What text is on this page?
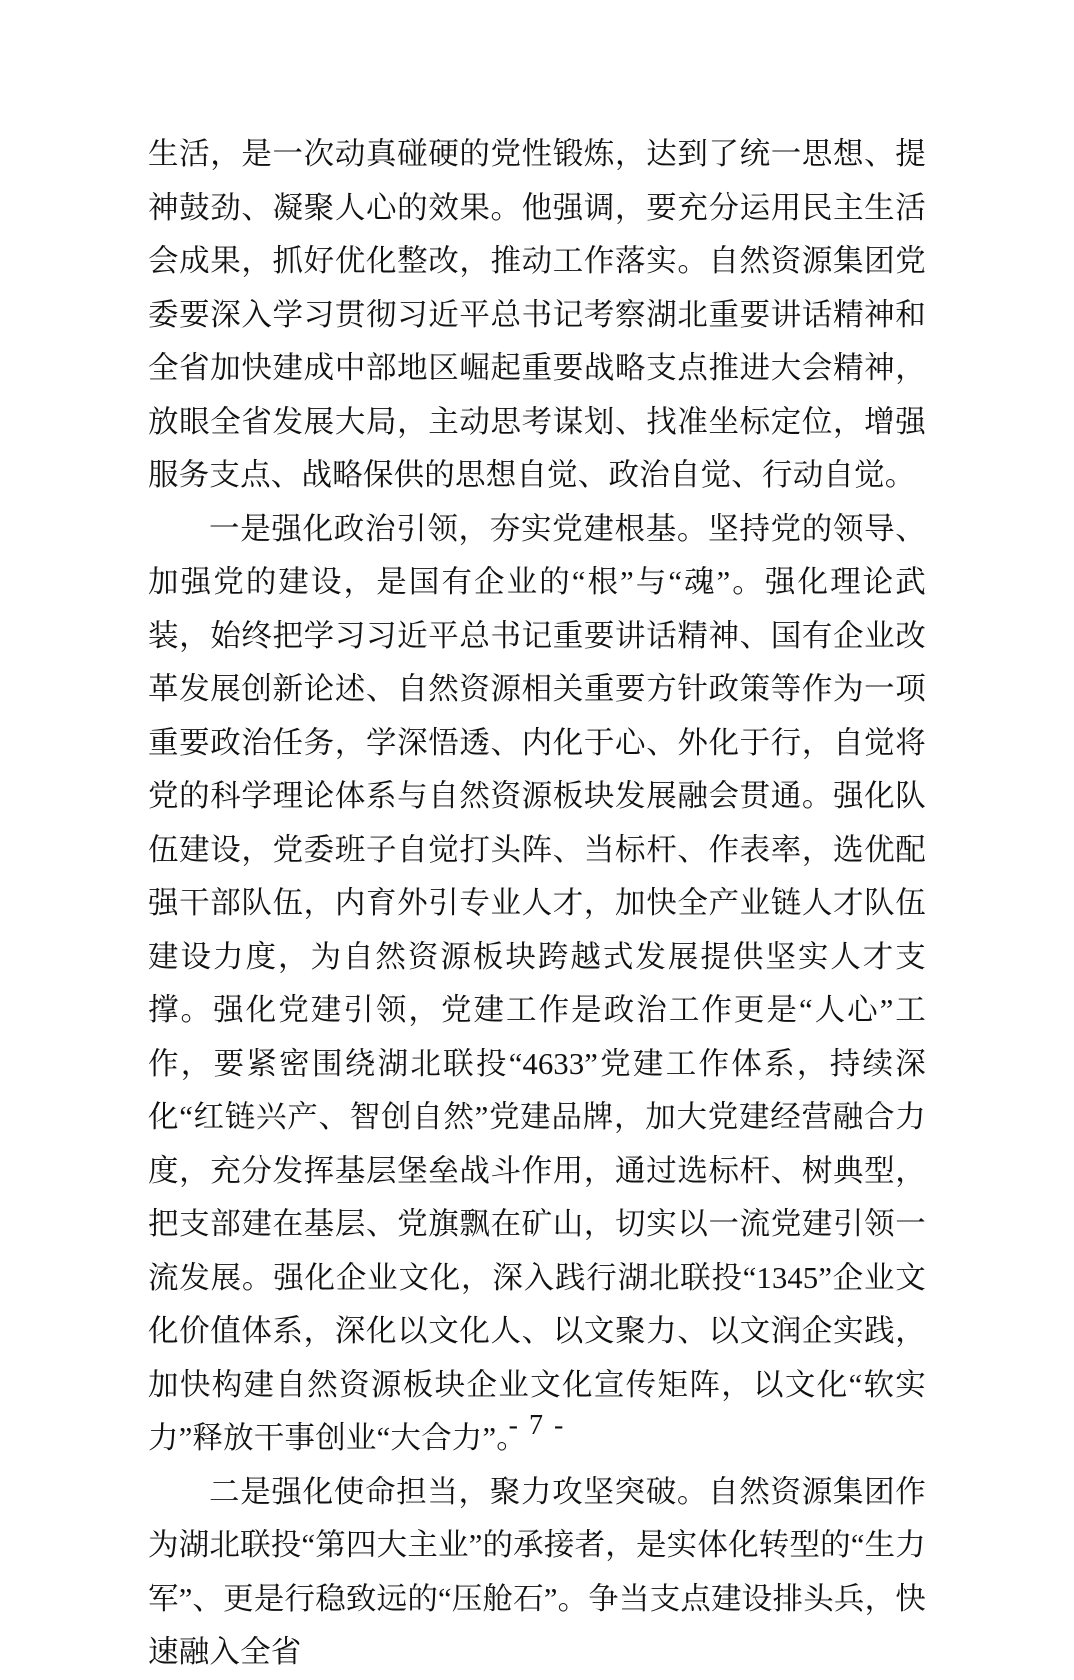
生活，是一次动真碰硬的党性锻炼，达到了统一思想、提神鼓劲、凝聚人心的效果。他强调，要充分运用民主生活会成果，抓好优化整改，推动工作落实。自然资源集团党委要深入学习贯彻习近平总书记考察湖北重要讲话精神和全省加快建成中部地区崛起重要战略支点推进大会精神，放眼全省发展大局，主动思考谋划、找准坐标定位，增强服务支点、战略保供的思想自觉、政治自觉、行动自觉。

一是强化政治引领，夯实党建根基。坚持党的领导、加强党的建设，是国有企业的“根”与“魂”。强化理论武装，始终把学习习近平总书记重要讲话精神、国有企业改革发展创新论述、自然资源相关重要方针政策等作为一项重要政治任务，学深悟透、内化于心、外化于行，自觉将党的科学理论体系与自然资源板块发展融会贯通。强化队伍建设，党委班子自觉打头阵、当标杆、作表率，选优配强干部队伍，内育外引专业人才，加快全产业链人才队伍建设力度，为自然资源板块跨越式发展提供坚实人才支撑。强化党建引领，党建工作是政治工作更是“人心”工作，要紧密围绕湖北联投“4633”党建工作体系，持续深化“红链兴产、智创自然”党建品牌，加大党建经营融合力度，充分发挥基层堡垒战斗作用，通过选标杆、树典型，把支部建在基层、党旗飘在矿山，切实以一流党建引领一流发展。强化企业文化，深入践行湖北联投“1345”企业文化价值体系，深化以文化人、以文聚力、以文润企实践，加快构建自然资源板块企业文化宣传矩阵，以文化“软实力”释放干事创业“大合力”。

二是强化使命担当，聚力攻坚突破。自然资源集团作为湖北联投“第四大主业”的承接者，是实体化转型的“生力军”、更是行稳致远的“压舱石”。争当支点建设排头兵，快速融入全省

- 7 -
